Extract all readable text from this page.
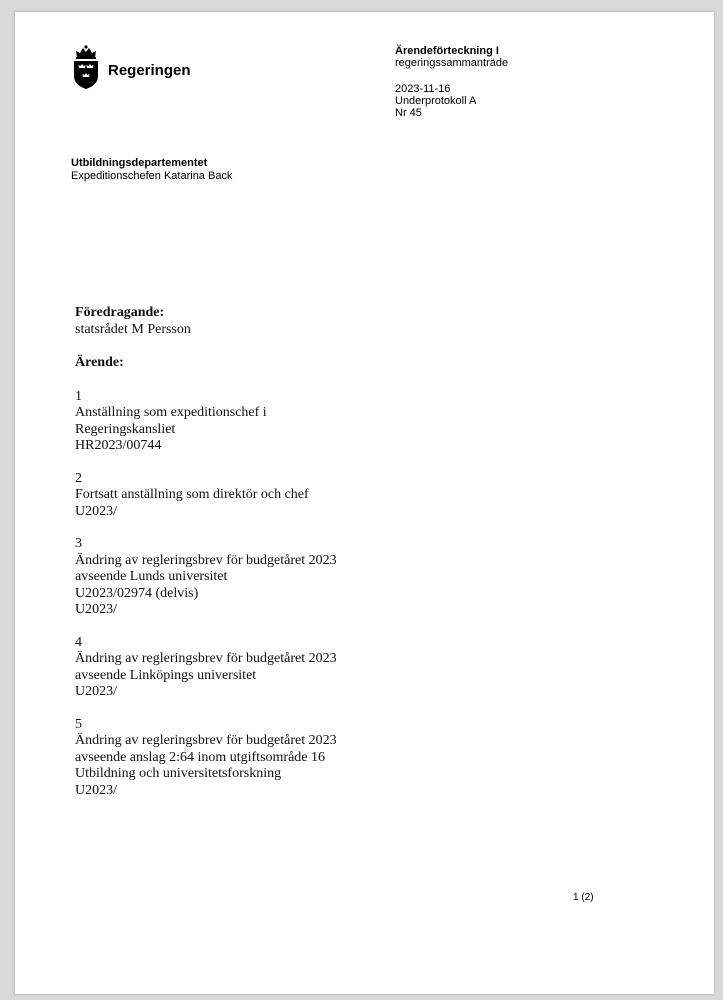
Regeringen
Ärendeförteckning I
regeringssammanträde
2023-11-16
Underprotokoll A
Nr 45
Utbildningsdepartementet
Expeditionschefen Katarina Back
Föredragande:
statsrådet M Persson
Ärende:
1
Anställning som expeditionschef i
Regeringskansliet
HR2023/00744
2
Fortsatt anställning som direktör och chef
U2023/
3
Ändring av regleringsbrev för budgetåret 2023
avseende Lunds universitet
U2023/02974 (delvis)
U2023/
4
Ändring av regleringsbrev för budgetåret 2023
avseende Linköpings universitet
U2023/
5
Ändring av regleringsbrev för budgetåret 2023
avseende anslag 2:64 inom utgiftsområde 16
Utbildning och universitetsforskning
U2023/
1 (2)
